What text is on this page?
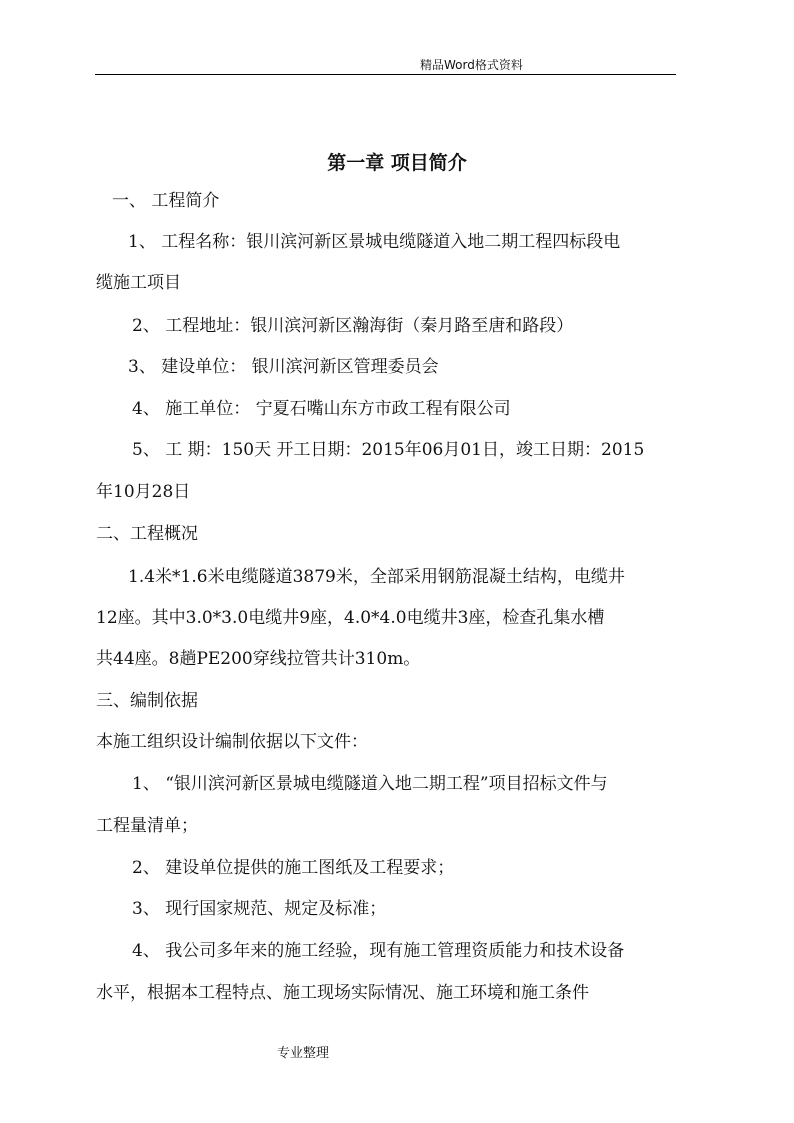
精品Word格式资料
第一章 项目简介
一、 工程简介
1、 工程名称：银川滨河新区景城电缆隧道入地二期工程四标段电
缆施工项目
2、 工程地址：银川滨河新区瀚海街（秦月路至唐和路段）
3、 建设单位： 银川滨河新区管理委员会
4、 施工单位： 宁夏石嘴山东方市政工程有限公司
5、 工 期：150天 开工日期：2015年06月01日，竣工日期：2015
年10月28日
二、工程概况
1.4米*1.6米电缆隧道3879米，全部采用钢筋混凝土结构，电缆井
12座。其中3.0*3.0电缆井9座，4.0*4.0电缆井3座，检查孔集水槽
共44座。8趟PE200穿线拉管共计310m。
三、编制依据
本施工组织设计编制依据以下文件：
1、 “银川滨河新区景城电缆隧道入地二期工程”项目招标文件与
工程量清单；
2、 建设单位提供的施工图纸及工程要求；
3、 现行国家规范、规定及标准；
4、 我公司多年来的施工经验，现有施工管理资质能力和技术设备
水平，根据本工程特点、施工现场实际情况、施工环境和施工条件
专业整理
